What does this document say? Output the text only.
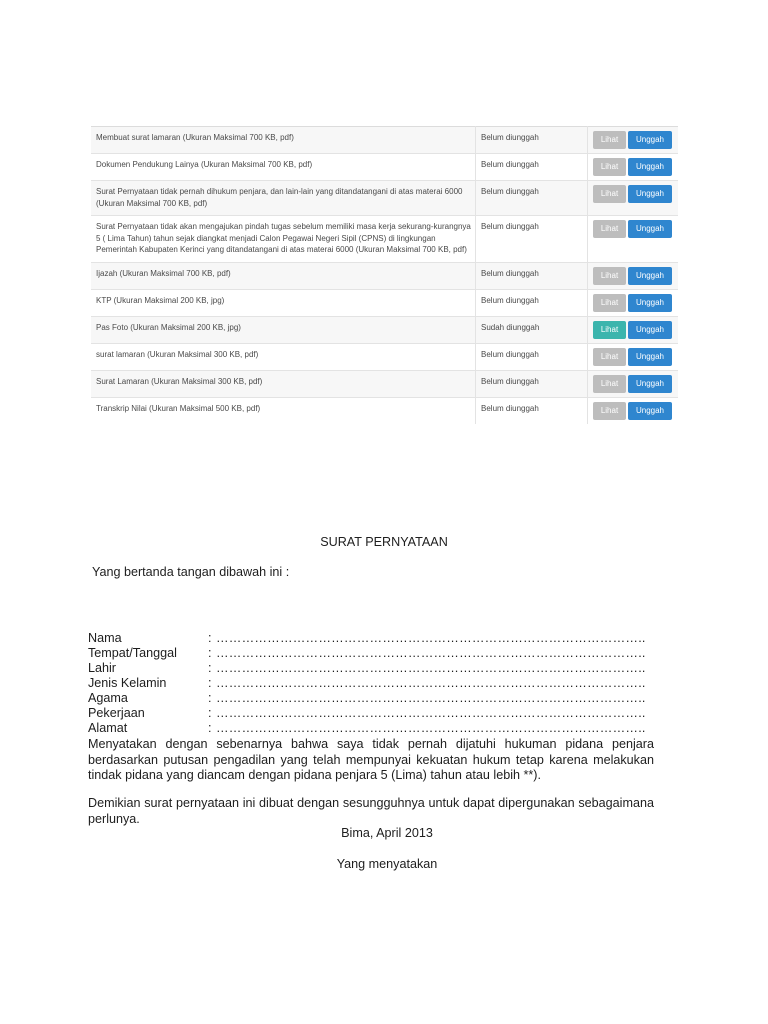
Membuat surat lamaran (Ukuran Maksimal 700 KB, pdf)	Belum diunggah	Lihat Unggah
Dokumen Pendukung Lainya (Ukuran Maksimal 700 KB, pdf)	Belum diunggah	Lihat Unggah
Surat Pernyataan tidak pernah dihukum penjara, dan lain-lain yang ditandatangani di atas materai 6000 (Ukuran Maksimal 700 KB, pdf)	Belum diunggah	Lihat Unggah
Surat Pernyataan tidak akan mengajukan pindah tugas sebelum memiliki masa kerja sekurang-kurangnya 5 ( Lima Tahun) tahun sejak diangkat menjadi Calon Pegawai Negeri Sipil (CPNS) di lingkungan Pemerintah Kabupaten Kerinci yang ditandatangani di atas materai 6000 (Ukuran Maksimal 700 KB, pdf)	Belum diunggah	Lihat Unggah
Ijazah (Ukuran Maksimal 700 KB, pdf)	Belum diunggah	Lihat Unggah
KTP (Ukuran Maksimal 200 KB, jpg)	Belum diunggah	Lihat Unggah
Pas Foto (Ukuran Maksimal 200 KB, jpg)	Sudah diunggah	Lihat Unggah
surat lamaran (Ukuran Maksimal 300 KB, pdf)	Belum diunggah	Lihat Unggah
Surat Lamaran (Ukuran Maksimal 300 KB, pdf)	Belum diunggah	Lihat Unggah
Transkrip Nilai (Ukuran Maksimal 500 KB, pdf)	Belum diunggah	Lihat Unggah
SURAT PERNYATAAN
Yang bertanda tangan dibawah ini :
Nama	: ………………………………………………………………………………………..
Tempat/Tanggal : ………………………………………………………………………………………..
Lahir	: ………………………………………………………………………………………..
Jenis Kelamin	: ………………………………………………………………………………………..
Agama	: ………………………………………………………………………………………..
Pekerjaan	: ………………………………………………………………………………………..
Alamat	: ………………………………………………………………………………………..
Menyatakan dengan sebenarnya bahwa saya tidak pernah dijatuhi hukuman pidana penjara berdasarkan putusan pengadilan yang telah mempunyai kekuatan hukum tetap karena melakukan tindak pidana yang diancam dengan pidana penjara 5 (Lima) tahun atau lebih **).
Demikian surat pernyataan ini dibuat dengan sesungguhnya untuk dapat dipergunakan sebagaimana perlunya.
Bima, April 2013
Yang menyatakan
